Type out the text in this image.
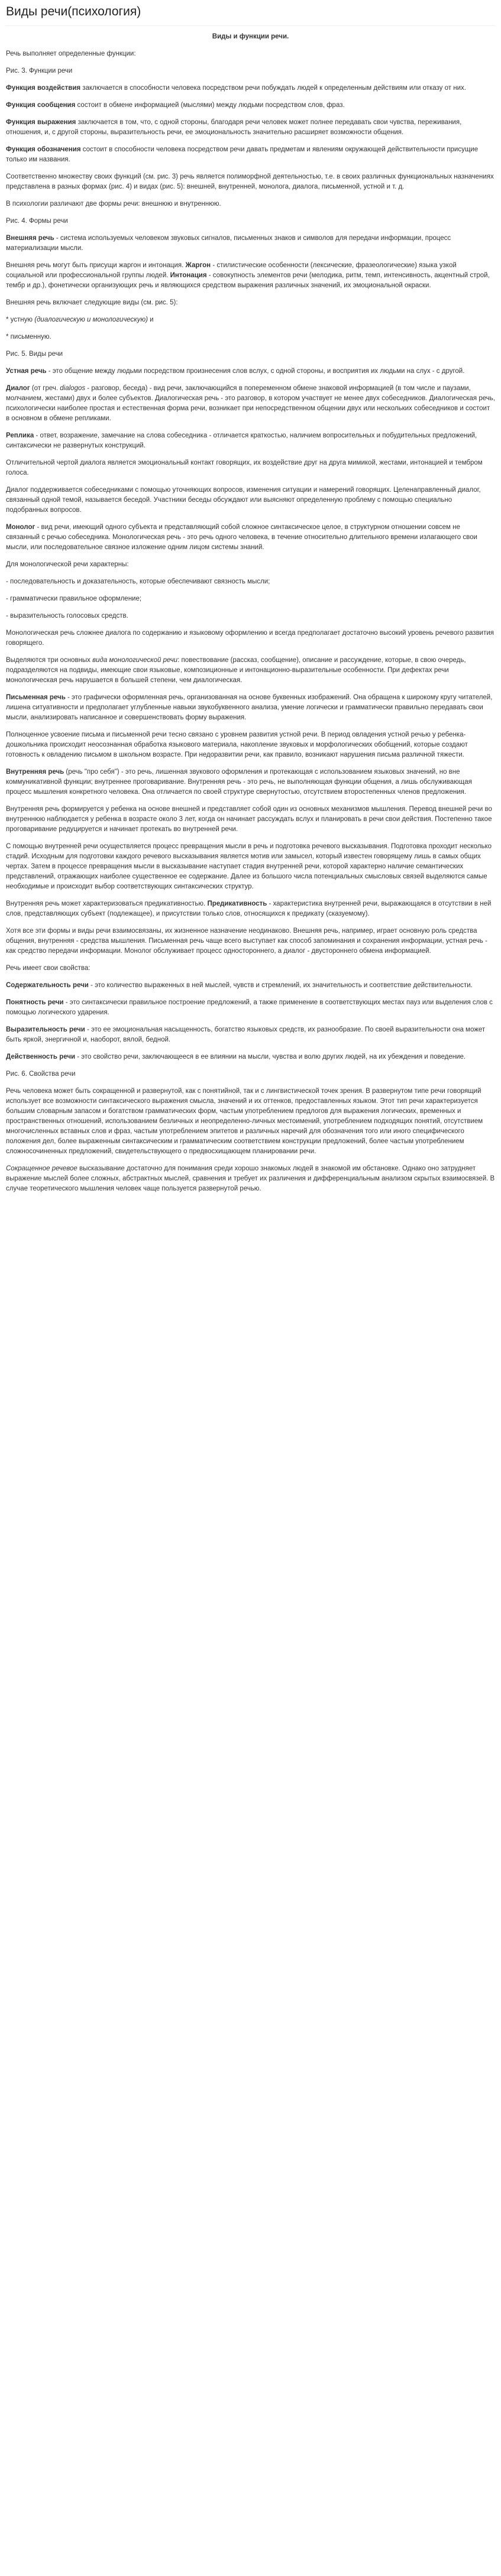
Виды речи(психология)

Виды и функции речи.

Речь выполняет определенные функции:

Рис. 3. Функции речи

Функция воздействия заключается в способности человека посредством речи побуждать людей к определенным действиям или отказу от них.

Функция сообщения состоит в обмене информацией (мыслями) между людьми посредством слов, фраз.

Функция выражения заключается в том, что, с одной стороны, благодаря речи человек может полнее передавать свои чувства, переживания, отношения, и, с другой стороны, выразительность речи, ее эмоциональность значительно расширяет возможности общения.

Функция обозначения состоит в способности человека посредством речи давать предметам и явлениям окружающей действительности присущие только им названия.

Соответственно множеству своих функций (см. рис. 3) речь является полиморфной деятельностью, т.е. в своих различных функциональных назначениях представлена в разных формах (рис. 4) и видах (рис. 5): внешней, внутренней, монолога, диалога, письменной, устной и т. д.

В психологии различают две формы речи: внешнюю и внутреннюю.

Рис. 4. Формы речи

Внешняя речь - система используемых человеком звуковых сигналов, письменных знаков и символов для передачи информации, процесс материализации мысли.

Внешняя речь могут быть присущи жаргон и интонация. Жаргон - стилистические особенности (лексические, фразеологические) языка узкой социальной или профессиональной группы людей. Интонация - совокупность элементов речи (мелодика, ритм, темп, интенсивность, акцентный строй, тембр и др.), фонетически организующих речь и являющихся средством выражения различных значений, их эмоциональной окраски.

Внешняя речь включает следующие виды (см. рис. 5):

* устную (диалогическую и монологическую) и

* письменную.

Рис. 5. Виды речи

Устная речь - это общение между людьми посредством произнесения слов вслух, с одной стороны, и восприятия их людьми на слух - с другой.

Диалог (от греч. dialogos - разговор, беседа) - вид речи, заключающийся в попеременном обмене знаковой информацией (в том числе и паузами, молчанием, жестами) двух и более субъектов. Диалогическая речь - это разговор, в котором участвует не менее двух собеседников. Диалогическая речь, психологически наиболее простая и естественная форма речи, возникает при непосредственном общении двух или нескольких собеседников и состоит в основном в обмене репликами.

Реплика - ответ, возражение, замечание на слова собеседника - отличается краткостью, наличием вопросительных и побудительных предложений, синтаксически не развернутых конструкций.

Отличительной чертой диалога является эмоциональный контакт говорящих, их воздействие друг на друга мимикой, жестами, интонацией и тембром голоса.

Диалог поддерживается собеседниками с помощью уточняющих вопросов, изменения ситуации и намерений говорящих. Целенаправленный диалог, связанный одной темой, называется беседой. Участники беседы обсуждают или выясняют определенную проблему с помощью специально подобранных вопросов.

Монолог - вид речи, имеющий одного субъекта и представляющий собой сложное синтаксическое целое, в структурном отношении совсем не связанный с речью собеседника. Монологическая речь - это речь одного человека, в течение относительно длительного времени излагающего свои мысли, или последовательное связное изложение одним лицом системы знаний.

Для монологической речи характерны:

- последовательность и доказательность, которые обеспечивают связность мысли;

- грамматически правильное оформление;

- выразительность голосовых средств.

Монологическая речь сложнее диалога по содержанию и языковому оформлению и всегда предполагает достаточно высокий уровень речевого развития говорящего.

Выделяются три основных вида монологической речи: повествование (рассказ, сообщение), описание и рассуждение, которые, в свою очередь, подразделяются на подвиды, имеющие свои языковые, композиционные и интонационно-выразительные особенности. При дефектах речи монологическая речь нарушается в большей степени, чем диалогическая.

Письменная речь - это графически оформленная речь, организованная на основе буквенных изображений. Она обращена к широкому кругу читателей, лишена ситуативности и предполагает углубленные навыки звукобуквенного анализа, умение логически и грамматически правильно передавать свои мысли, анализировать написанное и совершенствовать форму выражения.

Полноценное усвоение письма и письменной речи тесно связано с уровнем развития устной речи. В период овладения устной речью у ребенка-дошкольника происходит неосознанная обработка языкового материала, накопление звуковых и морфологических обобщений, которые создают готовность к овладению письмом в школьном возрасте. При недоразвитии речи, как правило, возникают нарушения письма различной тяжести.

Внутренняя речь (речь "про себя") - это речь, лишенная звукового оформления и протекающая с использованием языковых значений, но вне коммуникативной функции; внутреннее проговаривание. Внутренняя речь - это речь, не выполняющая функции общения, а лишь обслуживающая процесс мышления конкретного человека. Она отличается по своей структуре свернутостью, отсутствием второстепенных членов предложения.

Внутренняя речь формируется у ребенка на основе внешней и представляет собой один из основных механизмов мышления. Перевод внешней речи во внутреннюю наблюдается у ребенка в возрасте около 3 лет, когда он начинает рассуждать вслух и планировать в речи свои действия. Постепенно такое проговаривание редуцируется и начинает протекать во внутренней речи.

С помощью внутренней речи осуществляется процесс превращения мысли в речь и подготовка речевого высказывания. Подготовка проходит несколько стадий. Исходным для подготовки каждого речевого высказывания является мотив или замысел, который известен говорящему лишь в самых общих чертах. Затем в процессе превращения мысли в высказывание наступает стадия внутренней речи, которой характерно наличие семантических представлений, отражающих наиболее существенное ее содержание. Далее из большого числа потенциальных смысловых связей выделяются самые необходимые и происходит выбор соответствующих синтаксических структур.

Внутренняя речь может характеризоваться предикативностью. Предикативность - характеристика внутренней речи, выражающаяся в отсутствии в ней слов, представляющих субъект (подлежащее), и присутствии только слов, относящихся к предикату (сказуемому).

Хотя все эти формы и виды речи взаимосвязаны, их жизненное назначение неодинаково. Внешняя речь, например, играет основную роль средства общения, внутренняя - средства мышления. Письменная речь чаще всего выступает как способ запоминания и сохранения информации, устная речь - как средство передачи информации. Монолог обслуживает процесс одностороннего, а диалог - двустороннего обмена информацией.

Речь имеет свои свойства:

Содержательность речи - это количество выраженных в ней мыслей, чувств и стремлений, их значительность и соответствие действительности.

Понятность речи - это синтаксически правильное построение предложений, а также применение в соответствующих местах пауз или выделения слов с помощью логического ударения.

Выразительность речи - это ее эмоциональная насыщенность, богатство языковых средств, их разнообразие. По своей выразительности она может быть яркой, энергичной и, наоборот, вялой, бедной.

Действенность речи - это свойство речи, заключающееся в ее влиянии на мысли, чувства и волю других людей, на их убеждения и поведение.

Рис. 6. Свойства речи

Речь человека может быть сокращенной и развернутой, как с понятийной, так и с лингвистической точек зрения. В развернутом типе речи говорящий использует все возможности синтаксического выражения смысла, значений и их оттенков, предоставленных языком. Этот тип речи характеризуется большим словарным запасом и богатством грамматических форм, частым употреблением предлогов для выражения логических, временных и пространственных отношений, использованием безличных и неопределенно-личных местоимений, употреблением подходящих понятий, отсутствием многочисленных вставных слов и фраз, частым употреблением эпитетов и различных наречий для обозначения того или иного специфического положения дел, более выраженным синтаксическим и грамматическим соответствием конструкции предложений, более частым употреблением сложносочиненных предложений, свидетельствующего о предвосхищающем планировании речи.

Сокращенное речевое высказывание достаточно для понимания среди хорошо знакомых людей в знакомой им обстановке. Однако оно затрудняет выражение мыслей более сложных, абстрактных мыслей, сравнения и требует их различения и дифференциальным анализом скрытых взаимосвязей. В случае теоретического мышления человек чаще пользуется развернутой речью.
